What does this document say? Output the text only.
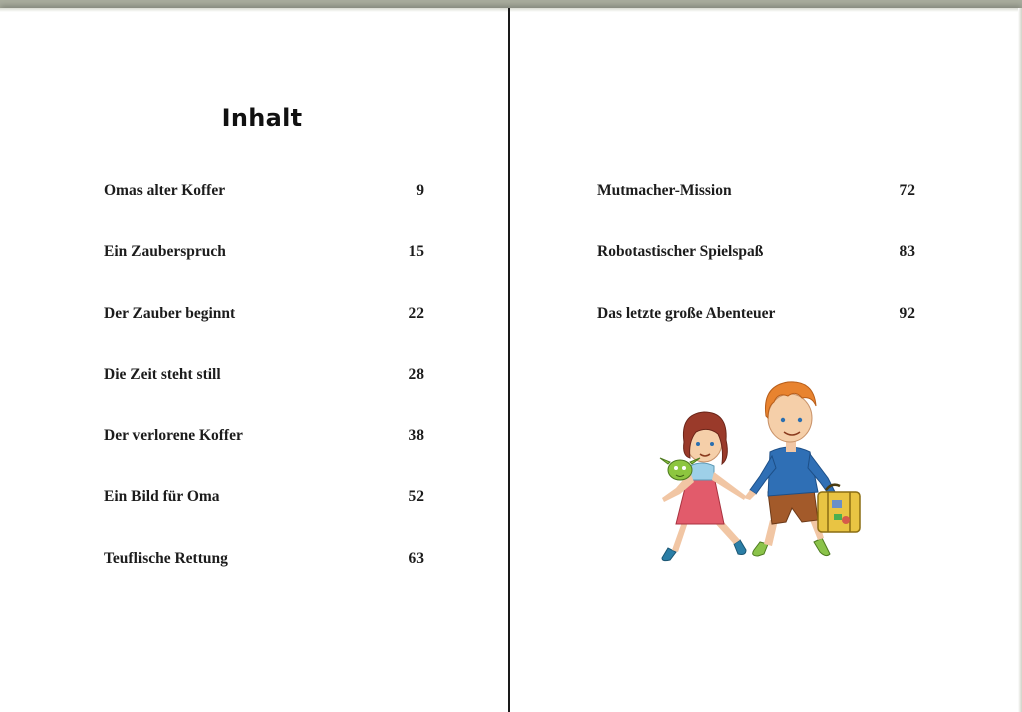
Inhalt
Omas alter Koffer	9
Ein Zauberspruch	15
Der Zauber beginnt	22
Die Zeit steht still	28
Der verlorene Koffer	38
Ein Bild für Oma	52
Teuflische Rettung	63
Mutmacher-Mission	72
Robotastischer Spielspaß	83
Das letzte große Abenteuer	92
